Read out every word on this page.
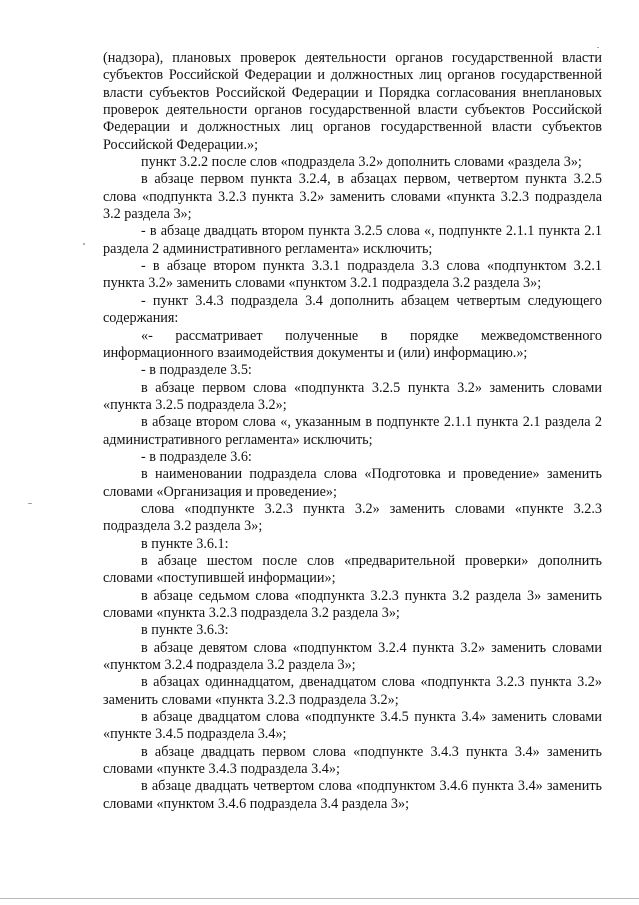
(надзора), плановых проверок деятельности органов государственной власти субъектов Российской Федерации и должностных лиц органов государственной власти субъектов Российской Федерации и Порядка согласования внеплановых проверок деятельности органов государственной власти субъектов Российской Федерации и должностных лиц органов государственной власти субъектов Российской Федерации.»;

пункт 3.2.2 после слов «подраздела 3.2» дополнить словами «раздела 3»;

в абзаце первом пункта 3.2.4, в абзацах первом, четвертом пункта 3.2.5 слова «подпункта 3.2.3 пункта 3.2» заменить словами «пункта 3.2.3 подраздела 3.2 раздела 3»;

- в абзаце двадцать втором пункта 3.2.5 слова «, подпункте 2.1.1 пункта 2.1 раздела 2 административного регламента» исключить;

- в абзаце втором пункта 3.3.1 подраздела 3.3 слова «подпунктом 3.2.1 пункта 3.2» заменить словами «пунктом 3.2.1 подраздела 3.2 раздела 3»;

- пункт 3.4.3 подраздела 3.4 дополнить абзацем четвертым следующего содержания:

«- рассматривает полученные в порядке межведомственного информационного взаимодействия документы и (или) информацию.»;

- в подразделе 3.5:

в абзаце первом слова «подпункта 3.2.5 пункта 3.2» заменить словами «пункта 3.2.5 подраздела 3.2»;

в абзаце втором слова «, указанным в подпункте 2.1.1 пункта 2.1 раздела 2 административного регламента» исключить;

- в подразделе 3.6:

в наименовании подраздела слова «Подготовка и проведение» заменить словами «Организация и проведение»;

слова «подпункте 3.2.3 пункта 3.2» заменить словами «пункте 3.2.3 подраздела 3.2 раздела 3»;

в пункте 3.6.1:

в абзаце шестом после слов «предварительной проверки» дополнить словами «поступившей информации»;

в абзаце седьмом слова «подпункта 3.2.3 пункта 3.2 раздела 3» заменить словами «пункта 3.2.3 подраздела 3.2 раздела 3»;

в пункте 3.6.3:

в абзаце девятом слова «подпунктом 3.2.4 пункта 3.2» заменить словами «пунктом 3.2.4 подраздела 3.2 раздела 3»;

в абзацах одиннадцатом, двенадцатом слова «подпункта 3.2.3 пункта 3.2» заменить словами «пункта 3.2.3 подраздела 3.2»;

в абзаце двадцатом слова «подпункте 3.4.5 пункта 3.4» заменить словами «пункте 3.4.5 подраздела 3.4»;

в абзаце двадцать первом слова «подпункте 3.4.3 пункта 3.4» заменить словами «пункте 3.4.3 подраздела 3.4»;

в абзаце двадцать четвертом слова «подпунктом 3.4.6 пункта 3.4» заменить словами «пунктом 3.4.6 подраздела 3.4 раздела 3»;
